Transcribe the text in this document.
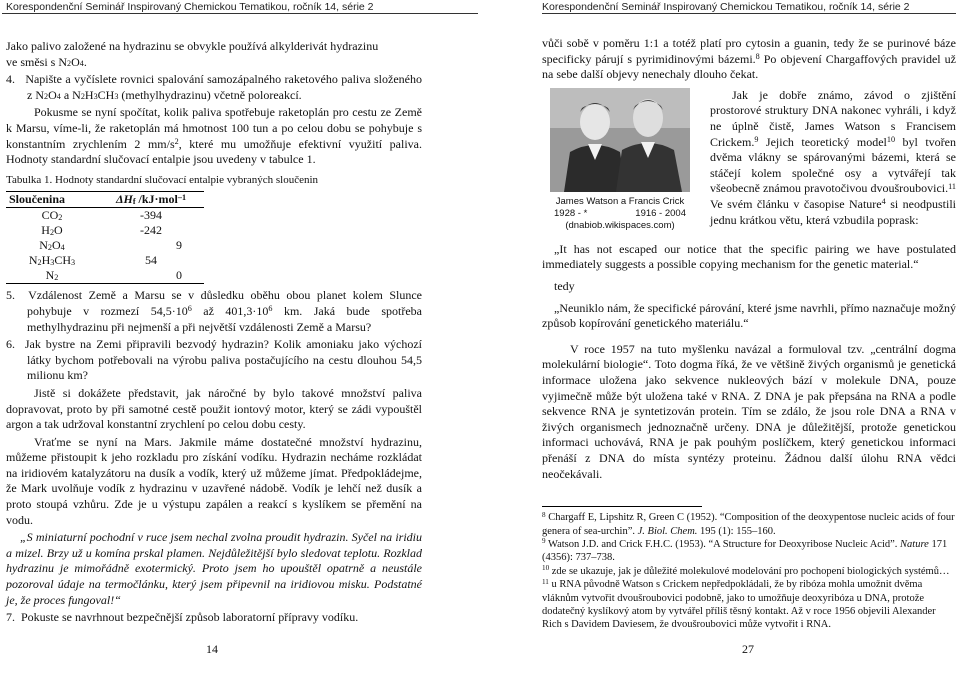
Korespondenční Seminář Inspirovaný Chemickou Tematikou, ročník 14, série 2

Jako palivo založené na hydrazinu se obvykle používá alkylderivát hydrazinu
ve směsi s $N_2O_4$.

4. Napište a vyčíslete rovnici spalování samozápalného raketového paliva složeného z $N_2O_4$ a $N_2H_3CH_3$ (methylhydrazinu) včetně poloreakcí.

Pokusme se nyní spočítat, kolik paliva spotřebuje raketoplán pro cestu ze Země k Marsu, víme-li, že raketoplán má hmotnost 100 tun a po celou dobu se pohybuje s konstantním zrychlením 2 $mm/s^2$, které mu umožňuje efektivní využití paliva. Hodnoty standardní slučovací entalpie jsou uvedeny v tabulce 1.

Tabulka 1. Hodnoty standardní slučovací entalpie vybraných sloučenin

Sloučenina	$\Delta H_f$ /kJ·mol$^{-1}$
$CO_2$	-394
$H_2O$	-242
$N_2O_4$	9
$N_2H_3CH_3$	54
$N_2$	0

5. Vzdálenost Země a Marsu se v důsledku oběhu obou planet kolem Slunce pohybuje v rozmezí $54,5\cdot 10^6$ až $401,3\cdot 10^6$ km. Jaká bude spotřeba methylhydrazinu při nejmenší a při největší vzdálenosti Země a Marsu?

6. Jak bystre na Zemi připravili bezvodý hydrazin? Kolik amoniaku jako výchozí látky bychom potřebovali na výrobu paliva postačujícího na cestu dlouhou 54,5 milionu km?

Jistě si dokážete představit, jak náročné by bylo takové množství paliva dopravovat, proto by při samotné cestě použit iontový motor, který se zádi vypouštěl argon a tak udržoval konstantní zrychlení po celou dobu cesty.

Vraťme se nyní na Mars. Jakmile máme dostatečné množství hydrazinu, můžeme přistoupit k jeho rozkladu pro získání vodíku. Hydrazin necháme rozkládat na iridiovém katalyzátoru na dusík a vodík, který už můžeme jímat. Předpokládejme, že Mark uvolňuje vodík z hydrazinu v uzavřené nádobě. Vodík je lehčí než dusík a proto stoupá vzhůru. Zde je u výstupu zapálen a reakcí s kyslíkem se přemění na vodu.

„S miniaturní pochodní v ruce jsem nechal zvolna proudit hydrazin. Syčel na iridiu a mizel. Brzy už u komína prskal plamen. Nejdůležitější bylo sledovat teplotu. Rozklad hydrazinu je mimořádně exotermický. Proto jsem ho upouštěl opatrně a neustále pozoroval údaje na termočlánku, který jsem připevnil na iridiovou misku. Podstatné je, že proces fungoval!“

7. Pokuste se navrhnout bezpečnější způsob laboratorní přípravy vodíku.

14
Korespondenční Seminář Inspirovaný Chemickou Tematikou, ročník 14, série 2

vůči sobě v poměru 1:1 a totéž platí pro cytosin a guanin, tedy že se purinové báze specificky párují s pyrimidinovými bázemi.$^8$ Po objevení Chargaffových pravidel už na sebe další objevy nenechaly dlouho čekat.

James Watson a Francis Crick
1928 - *	1916 - 2004
(dnabiob.wikispaces.com)

Jak je dobře známo, závod o zjištění prostorové struktury DNA nakonec vyhráli, i když ne úplně čistě, James Watson s Francisem Crickem.$^9$ Jejich teoretický model$^{10}$ byl tvořen dvěma vlákny se spárovanými bázemi, která se stáčejí kolem společné osy a vytvářejí tak všeobecně známou pravotočivou dvoušroubovici.$^{11}$ Ve svém článku v časopise Nature$^4$ si neodpustili jednu krátkou větu, která vzbudila poprask:

„It has not escaped our notice that the specific pairing we have postulated immediately suggests a possible copying mechanism for the genetic material.“

tedy

„Neuniklo nám, že specifické párování, které jsme navrhli, přímo naznačuje možný způsob kopírování genetického materiálu.“

V roce 1957 na tuto myšlenku navázal a formuloval tzv. „centrální dogma molekulární biologie“. Toto dogma říká, že ve většině živých organismů je genetická informace uložena jako sekvence nukleových bází v molekule DNA, pouze vyjimečně může být uložena také v RNA. Z DNA je pak přepsána na RNA a podle sekvence RNA je syntetizován protein. Tím se zdálo, že jsou role DNA a RNA v živých organismech jednoznačně určeny. DNA je důležitější, protože genetickou informaci uchovává, RNA je pak pouhým poslíčkem, který genetickou informaci přenáší z DNA do místa syntézy proteinu. Žádnou další úlohu RNA vědci neočekávali.

$^8$ Chargaff E, Lipshitz R, Green C (1952). “Composition of the deoxypentose nucleic acids of four genera of sea-urchin”. J. Biol. Chem. 195 (1): 155–160.

$^9$ Watson J.D. and Crick F.H.C. (1953). “A Structure for Deoxyribose Nucleic Acid”. Nature 171 (4356): 737–738.

$^{10}$ zde se ukazuje, jak je důležité molekulové modelování pro pochopení biologických systémů…

$^{11}$ u RNA původně Watson s Crickem nepředpokládali, že by ribóza mohla umožnit dvěma vláknům vytvořit dvoušroubovici podobně, jako to umožňuje deoxyribóza u DNA, protože dodatečný kyslíkový atom by vytvářel příliš těsný kontakt. Až v roce 1956 objevili Alexander Rich s Davidem Daviesem, že dvoušroubovici může vytvořit i RNA.

27
